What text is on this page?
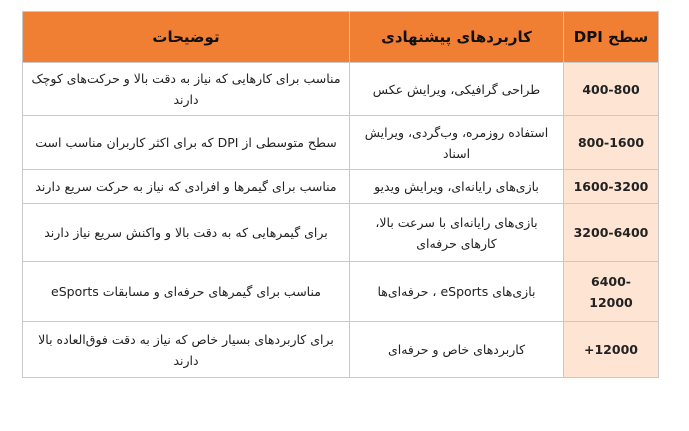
سطح DPI	کاربردهای پیشنهادی	توضیحات
400-800	طراحی گرافیکی، ویرایش عکس	مناسب برای کارهایی که نیاز به دقت بالا و حرکت‌های کوچک دارند
800-1600	استفاده روزمره، وب‌گردی، ویرایش اسناد	سطح متوسطی از DPI که برای اکثر کاربران مناسب است
1600-3200	بازی‌های رایانه‌ای، ویرایش ویدیو	مناسب برای گیمرها و افرادی که نیاز به حرکت سریع دارند
3200-6400	بازی‌های رایانه‌ای با سرعت بالا، کارهای حرفه‌ای	برای گیمرهایی که به دقت بالا و واکنش سریع نیاز دارند
6400-12000	بازی‌های eSports ، حرفه‌ای‌ها	مناسب برای گیمرهای حرفه‌ای و مسابقات eSports
12000+	کاربردهای خاص و حرفه‌ای	برای کاربردهای بسیار خاص که نیاز به دقت فوق‌العاده بالا دارند
